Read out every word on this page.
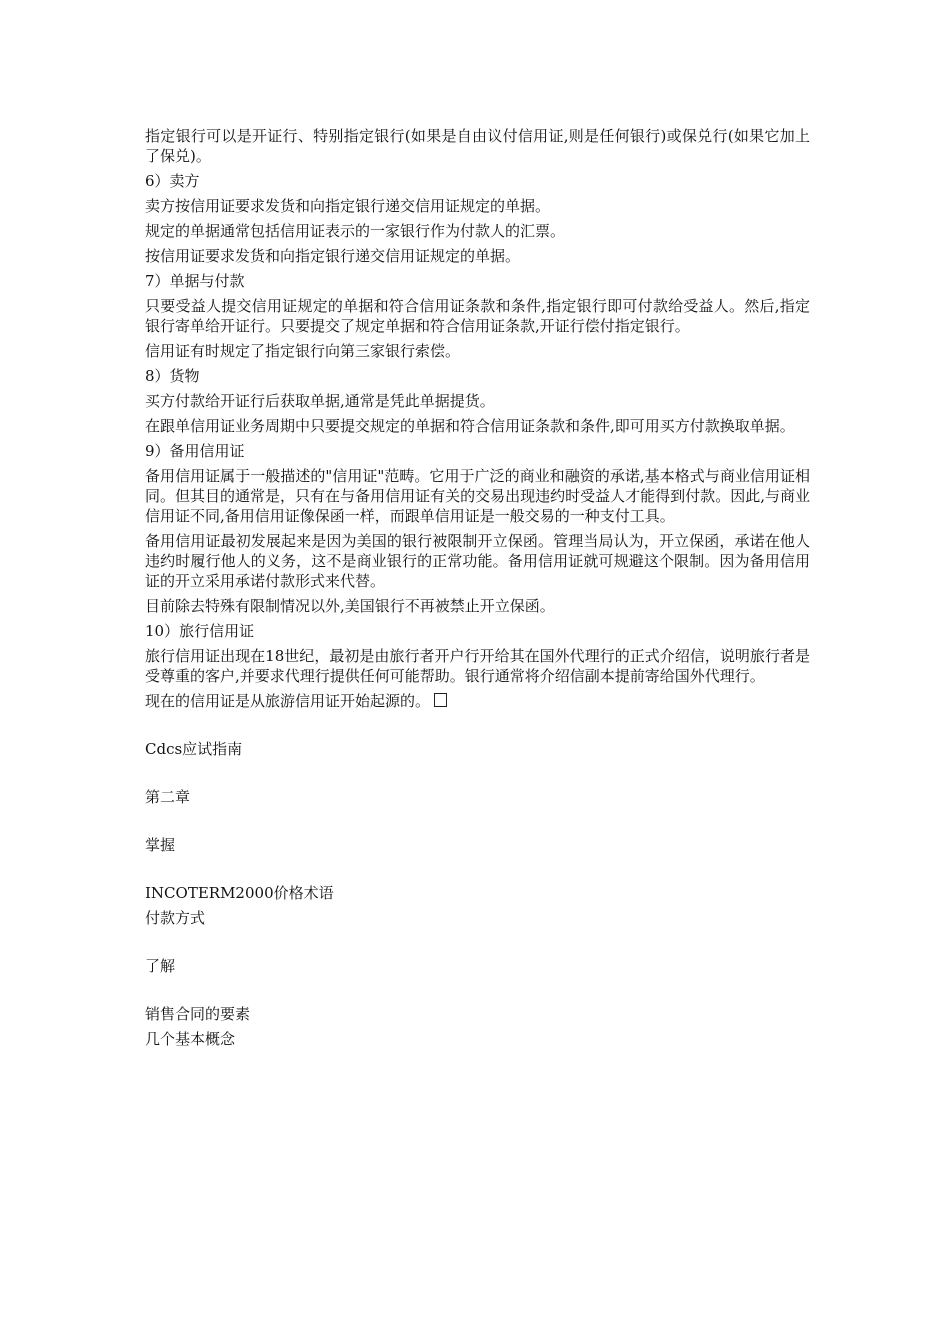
指定银行可以是开证行、特别指定银行(如果是自由议付信用证,则是任何银行)或保兑行(如果它加上了保兑)。

6）卖方

卖方按信用证要求发货和向指定银行递交信用证规定的单据。

规定的单据通常包括信用证表示的一家银行作为付款人的汇票。

按信用证要求发货和向指定银行递交信用证规定的单据。

7）单据与付款

只要受益人提交信用证规定的单据和符合信用证条款和条件,指定银行即可付款给受益人。然后,指定银行寄单给开证行。只要提交了规定单据和符合信用证条款,开证行偿付指定银行。

信用证有时规定了指定银行向第三家银行索偿。

8）货物

买方付款给开证行后获取单据,通常是凭此单据提货。

在跟单信用证业务周期中只要提交规定的单据和符合信用证条款和条件,即可用买方付款换取单据。

9）备用信用证

备用信用证属于一般描述的"信用证"范畴。它用于广泛的商业和融资的承诺,基本格式与商业信用证相同。但其目的通常是，只有在与备用信用证有关的交易出现违约时受益人才能得到付款。因此,与商业信用证不同,备用信用证像保函一样，而跟单信用证是一般交易的一种支付工具。

备用信用证最初发展起来是因为美国的银行被限制开立保函。管理当局认为，开立保函，承诺在他人违约时履行他人的义务，这不是商业银行的正常功能。备用信用证就可规避这个限制。因为备用信用证的开立采用承诺付款形式来代替。

目前除去特殊有限制情况以外,美国银行不再被禁止开立保函。

10）旅行信用证

旅行信用证出现在18世纪，最初是由旅行者开户行开给其在国外代理行的正式介绍信，说明旅行者是受尊重的客户,并要求代理行提供任何可能帮助。银行通常将介绍信副本提前寄给国外代理行。

现在的信用证是从旅游信用证开始起源的。

Cdcs应试指南

第二章

掌握

INCOTERM2000价格术语

付款方式

了解

销售合同的要素

几个基本概念
